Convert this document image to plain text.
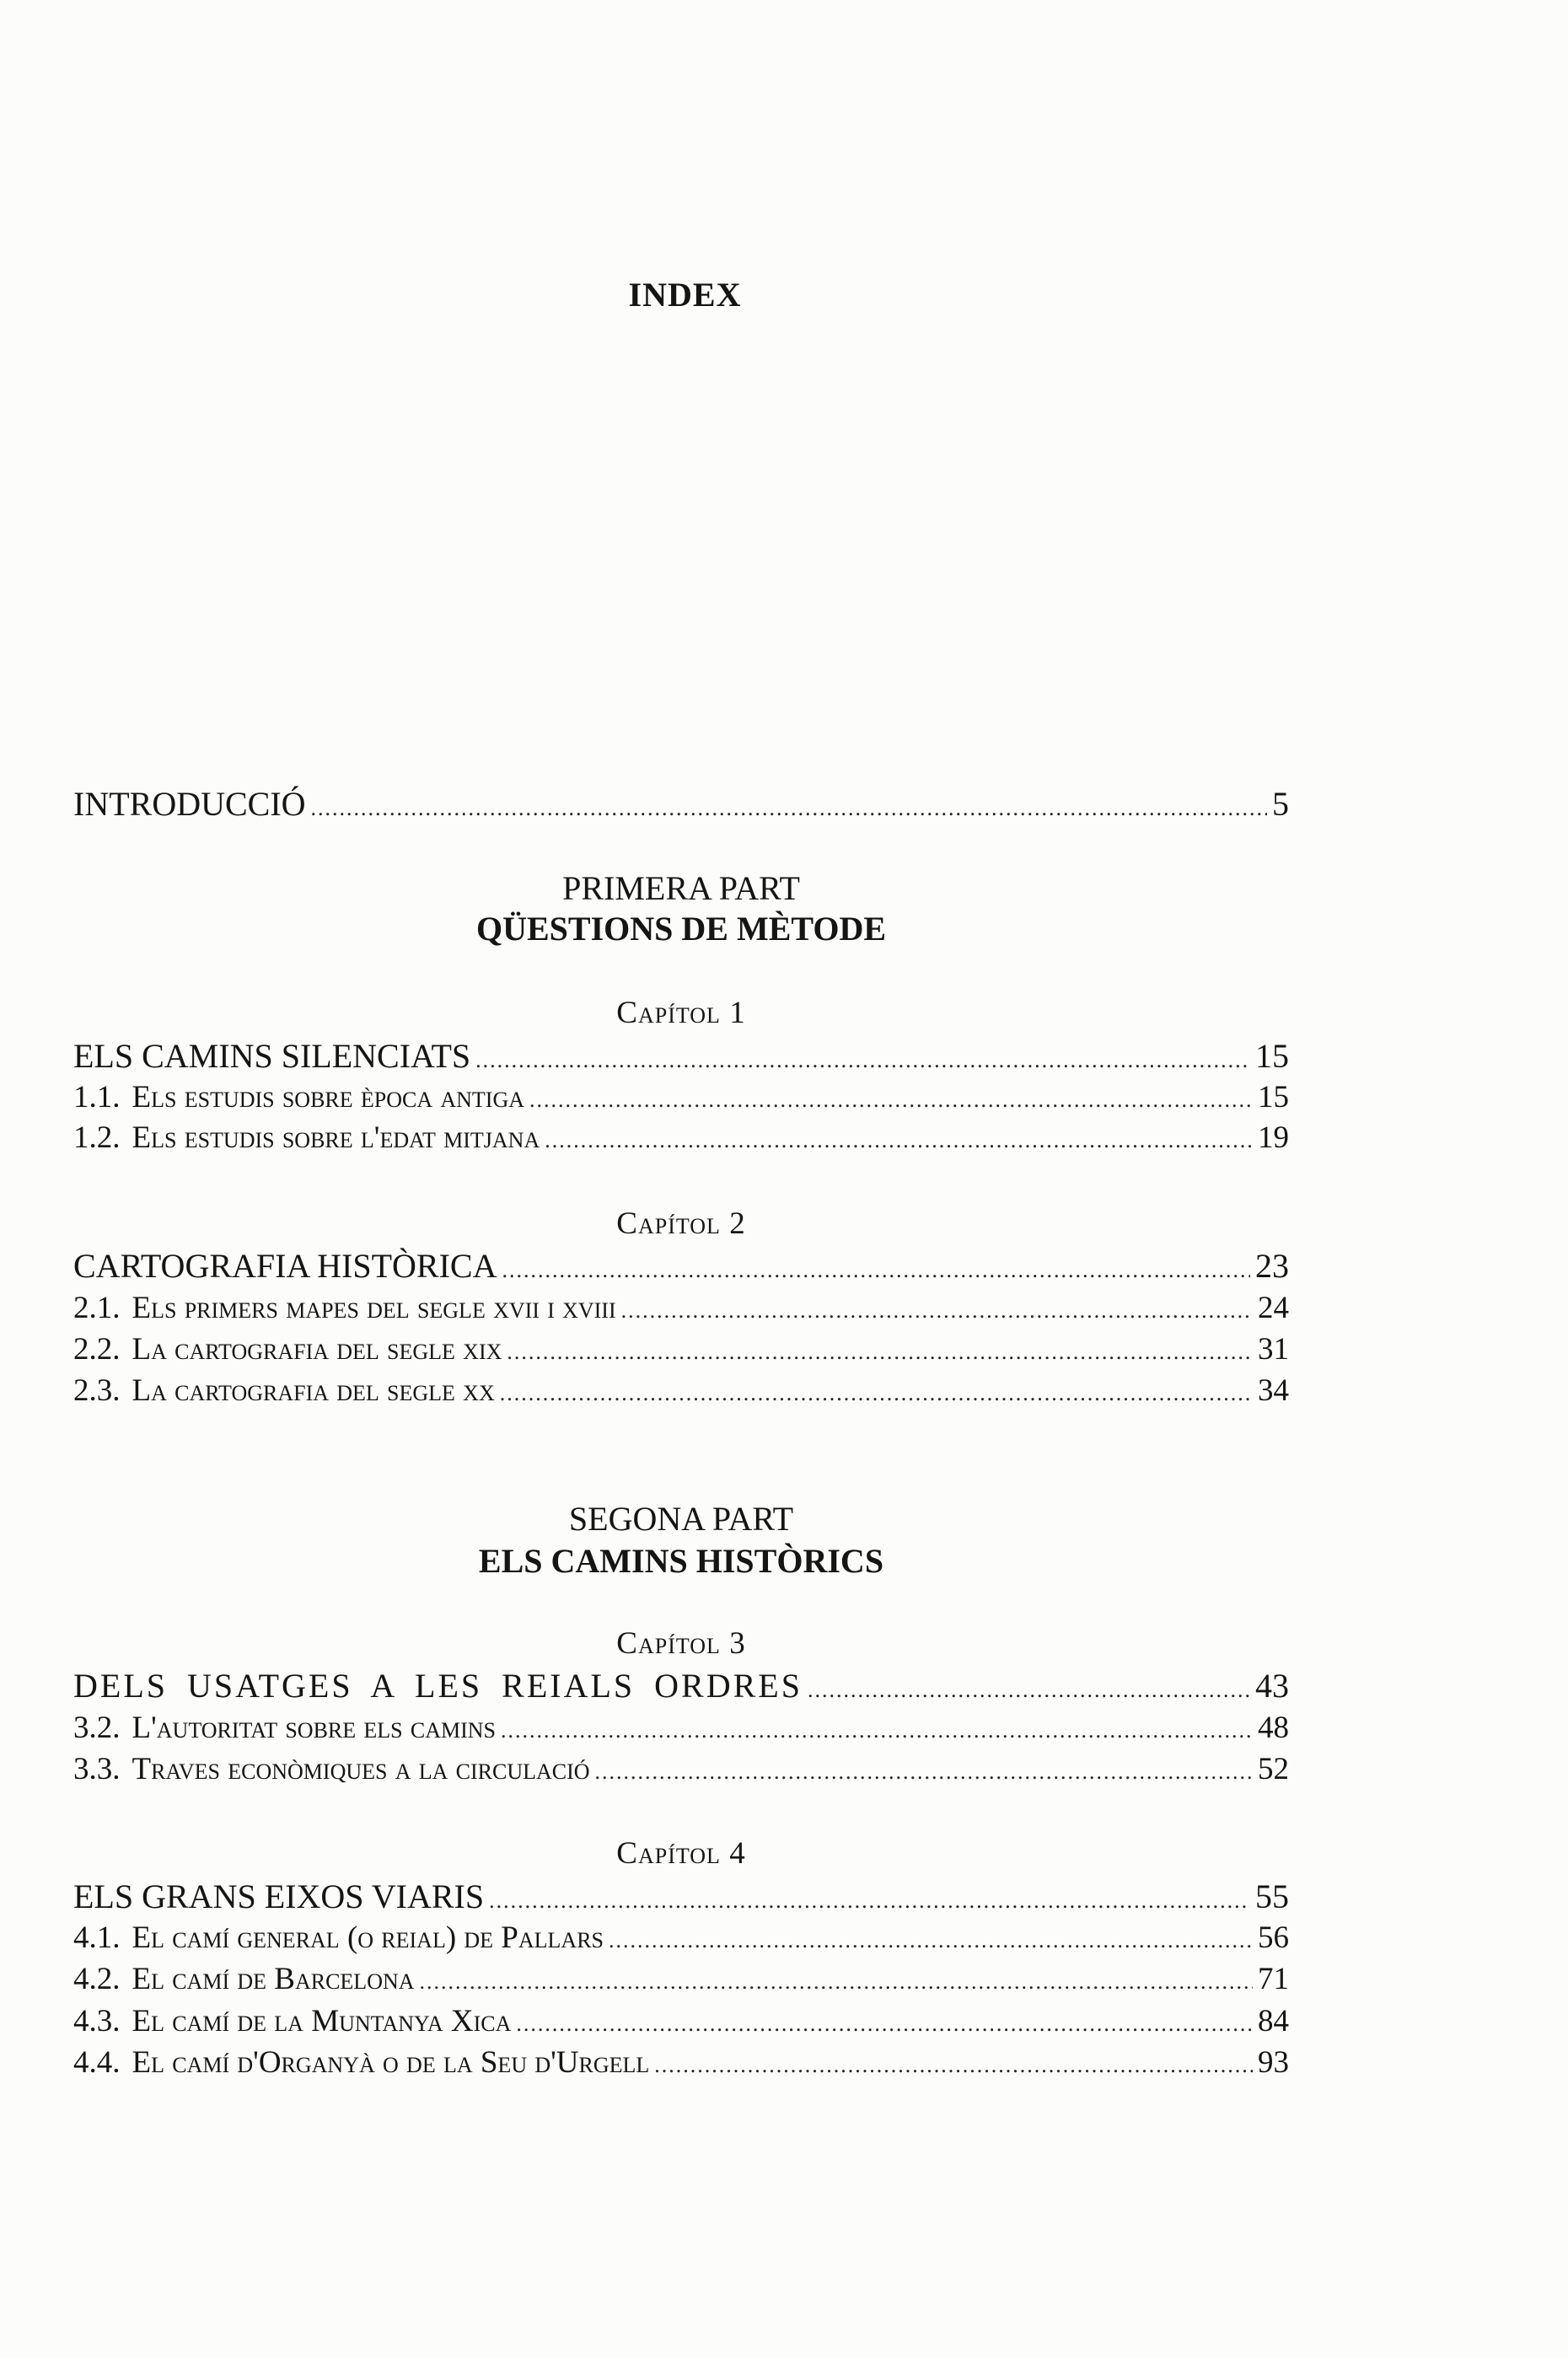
INDEX
INTRODUCCIÓ .....	5
PRIMERA PART
QÜESTIONS DE MÈTODE
Capítol 1
ELS CAMINS SILENCIATS .....	15
1.1. Els estudis sobre època antiga .....	15
1.2. Els estudis sobre l'edat mitjana .....	19
Capítol 2
CARTOGRAFIA HISTÒRICA .....	23
2.1. Els primers mapes del segle xvii i xviii .....	24
2.2. La cartografia del segle xix .....	31
2.3. La cartografia del segle xx .....	34
SEGONA PART
ELS CAMINS HISTÒRICS
Capítol 3
DELS USATGES A LES REIALS ORDRES .....	43
3.2. L'autoritat sobre els camins .....	48
3.3. Traves econòmiques a la circulació .....	52
Capítol 4
ELS GRANS EIXOS VIARIS .....	55
4.1. El camí general (o reial) de Pallars .....	56
4.2. El camí de Barcelona .....	71
4.3. El camí de la Muntanya Xica .....	84
4.4. El camí d'Organyà o de la Seu d'Urgell .....	93
